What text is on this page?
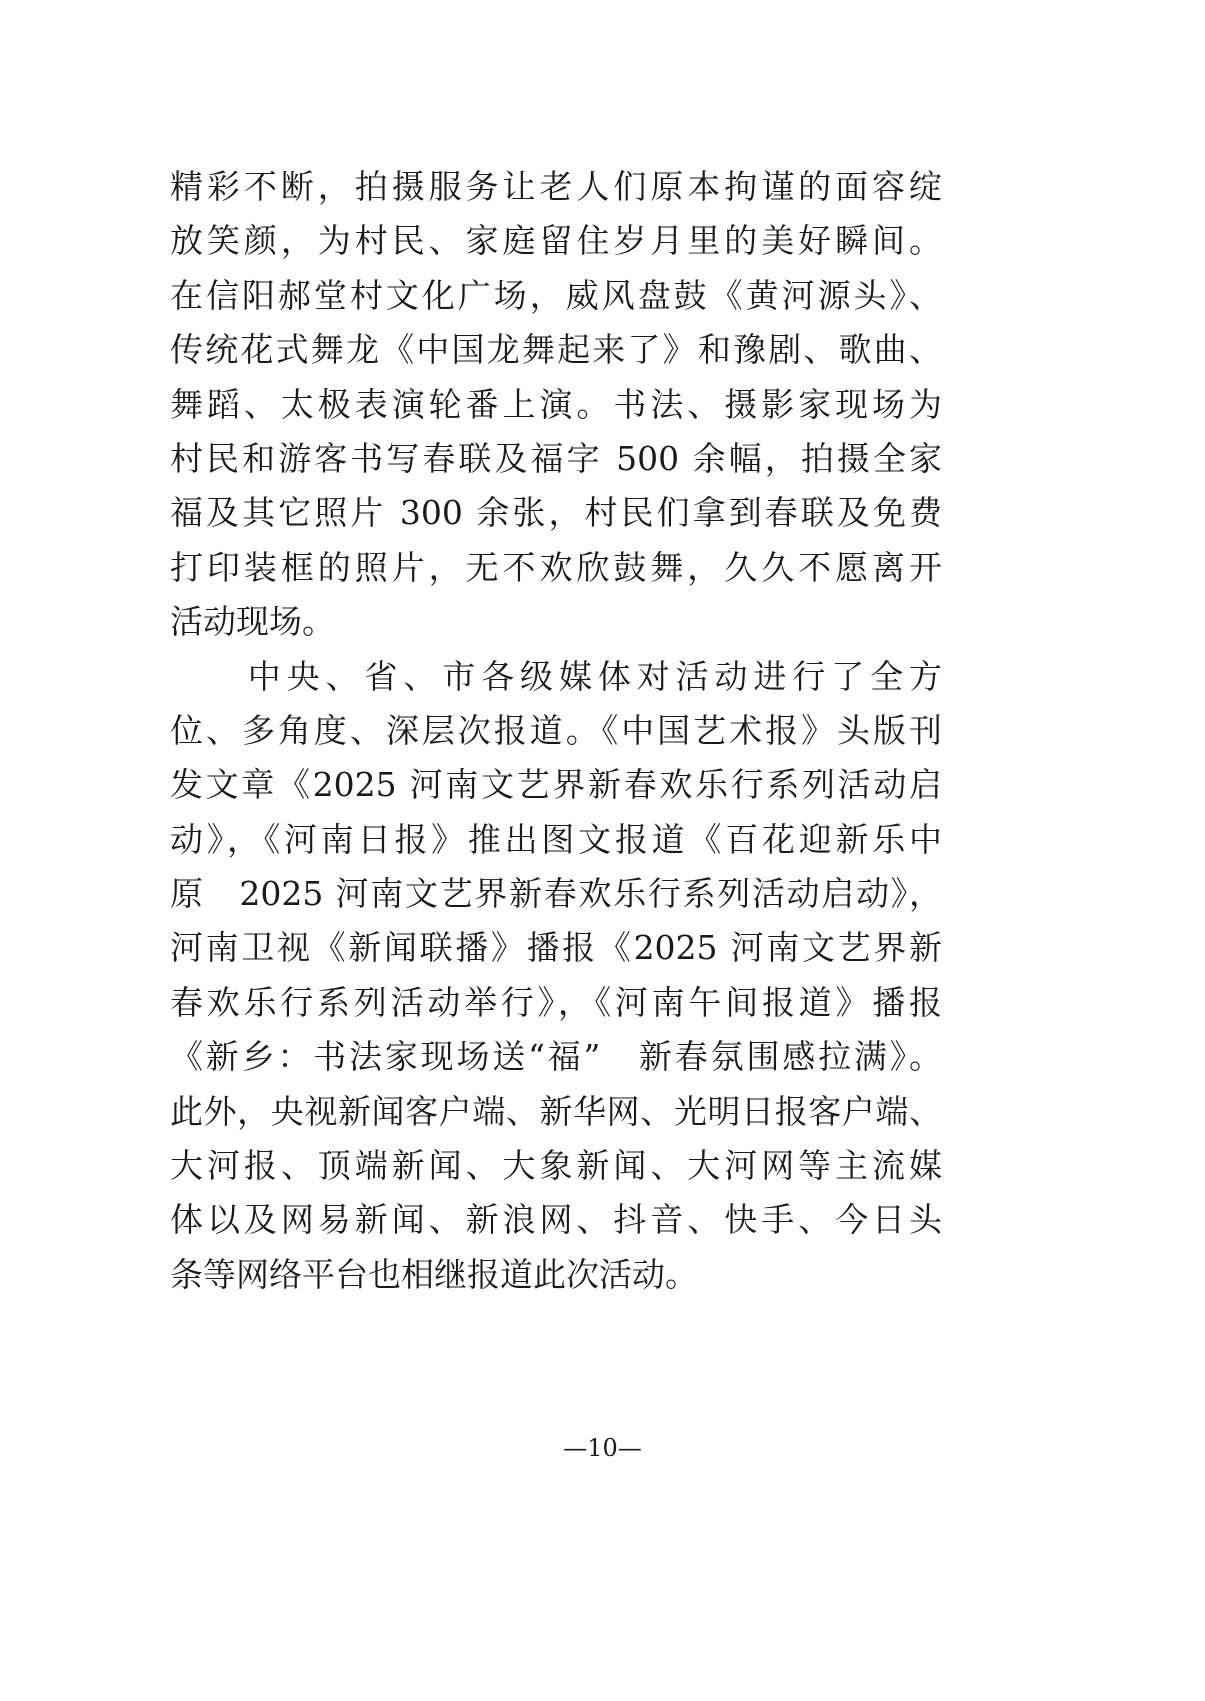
精彩不断，拍摄服务让老人们原本拘谨的面容绽
放笑颜，为村民、家庭留住岁月里的美好瞬间。
在信阳郝堂村文化广场，威风盘鼓《黄河源头》、
传统花式舞龙《中国龙舞起来了》和豫剧、歌曲、
舞蹈、太极表演轮番上演。书法、摄影家现场为
村民和游客书写春联及福字 500 余幅，拍摄全家
福及其它照片 300 余张，村民们拿到春联及免费
打印装框的照片，无不欢欣鼓舞，久久不愿离开
活动现场。
　　中央、省、市各级媒体对活动进行了全方
位、多角度、深层次报道。《中国艺术报》头版刊
发文章《2025 河南文艺界新春欢乐行系列活动启
动》，《河南日报》推出图文报道《百花迎新乐中
原　2025 河南文艺界新春欢乐行系列活动启动》，
河南卫视《新闻联播》播报《2025 河南文艺界新
春欢乐行系列活动举行》，《河南午间报道》播报
《新乡：书法家现场送“福”　新春氛围感拉满》。
此外，央视新闻客户端、新华网、光明日报客户端、
大河报、顶端新闻、大象新闻、大河网等主流媒
体以及网易新闻、新浪网、抖音、快手、今日头
条等网络平台也相继报道此次活动。
—10—
